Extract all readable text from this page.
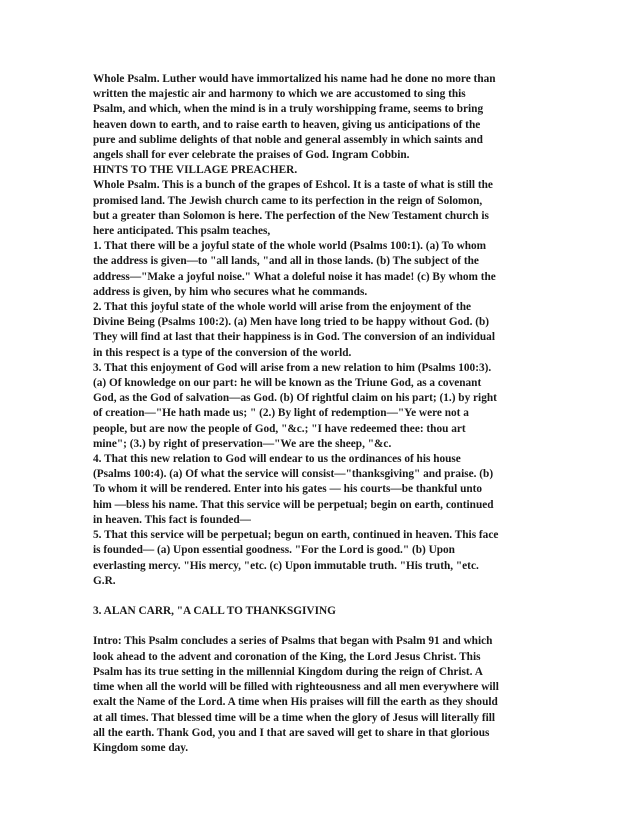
Whole Psalm. Luther would have immortalized his name had he done no more than
written the majestic air and harmony to which we are accustomed to sing this
Psalm, and which, when the mind is in a truly worshipping frame, seems to bring
heaven down to earth, and to raise earth to heaven, giving us anticipations of the
pure and sublime delights of that noble and general assembly in which saints and
angels shall for ever celebrate the praises of God. Ingram Cobbin.
HINTS TO THE VILLAGE PREACHER.
Whole Psalm. This is a bunch of the grapes of Eshcol. It is a taste of what is still the
promised land. The Jewish church came to its perfection in the reign of Solomon,
but a greater than Solomon is here. The perfection of the New Testament church is
here anticipated. This psalm teaches,
1. That there will be a joyful state of the whole world (Psalms 100:1). (a) To whom
the address is given—to "all lands, "and all in those lands. (b) The subject of the
address—"Make a joyful noise." What a doleful noise it has made! (c) By whom the
address is given, by him who secures what he commands.
2. That this joyful state of the whole world will arise from the enjoyment of the
Divine Being (Psalms 100:2). (a) Men have long tried to be happy without God. (b)
They will find at last that their happiness is in God. The conversion of an individual
in this respect is a type of the conversion of the world.
3. That this enjoyment of God will arise from a new relation to him (Psalms 100:3).
(a) Of knowledge on our part: he will be known as the Triune God, as a covenant
God, as the God of salvation—as God. (b) Of rightful claim on his part; (1.) by right
of creation—"He hath made us; " (2.) By light of redemption—"Ye were not a
people, but are now the people of God, "&c.; "I have redeemed thee: thou art
mine"; (3.) by right of preservation—"We are the sheep, "&c.
4. That this new relation to God will endear to us the ordinances of his house
(Psalms 100:4). (a) Of what the service will consist—"thanksgiving" and praise. (b)
To whom it will be rendered. Enter into his gates — his courts—be thankful unto
him —bless his name. That this service will be perpetual; begin on earth, continued
in heaven. This fact is founded—
5. That this service will be perpetual; begun on earth, continued in heaven. This face
is founded— (a) Upon essential goodness. "For the Lord is good." (b) Upon
everlasting mercy. "His mercy, "etc. (c) Upon immutable truth. "His truth, "etc.
G.R.
3. ALAN CARR, "A CALL TO THANKSGIVING
Intro: This Psalm concludes a series of Psalms that began with Psalm 91 and which
look ahead to the advent and coronation of the King, the Lord Jesus Christ. This
Psalm has its true setting in the millennial Kingdom during the reign of Christ. A
time when all the world will be filled with righteousness and all men everywhere will
exalt the Name of the Lord. A time when His praises will fill the earth as they should
at all times. That blessed time will be a time when the glory of Jesus will literally fill
all the earth. Thank God, you and I that are saved will get to share in that glorious
Kingdom some day.
